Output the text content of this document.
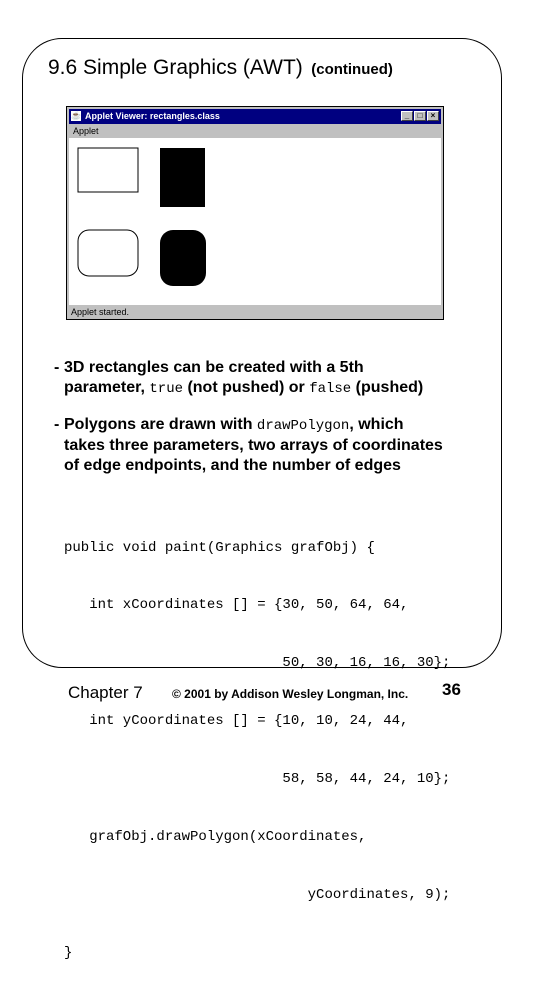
9.6 Simple Graphics (AWT) (continued)
☕ Applet Viewer: rectangles.class	_	□	×
Applet
Applet started.
- 3D rectangles can be created with a 5th
parameter, true (not pushed) or false (pushed)
- Polygons are drawn with drawPolygon, which
takes three parameters, two arrays of coordinates
of edge endpoints, and the number of edges

public void paint(Graphics grafObj) {

int xCoordinates [] = {30, 50, 64, 64,

50, 30, 16, 16, 30};

int yCoordinates [] = {10, 10, 24, 44,

58, 58, 44, 24, 10};

grafObj.drawPolygon(xCoordinates,

yCoordinates, 9);

}

Chapter 7 © 2001 by Addison Wesley Longman, Inc. 36
